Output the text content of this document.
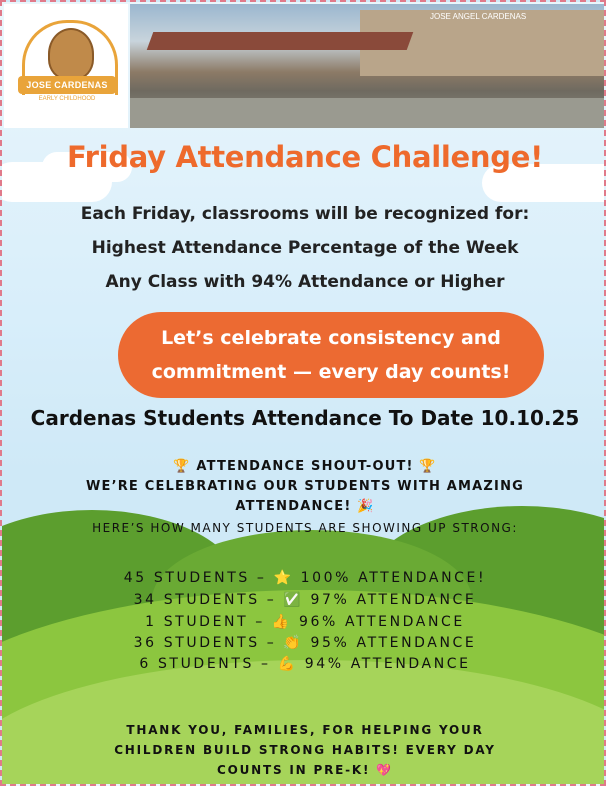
JOSE CARDENAS
EARLY CHILDHOOD
JOSE ANGEL CARDENAS
Friday Attendance Challenge!
Each Friday, classrooms will be recognized for:
Highest Attendance Percentage of the Week
Any Class with 94% Attendance or Higher
Let’s celebrate consistency and
commitment — every day counts!
Cardenas Students Attendance To Date 10.10.25
🏆 ATTENDANCE SHOUT-OUT! 🏆
WE’RE CELEBRATING OUR STUDENTS WITH AMAZING
ATTENDANCE! 🎉
HERE’S HOW MANY STUDENTS ARE SHOWING UP STRONG:
45 STUDENTS – ⭐ 100% ATTENDANCE!
34 STUDENTS – ✅ 97% ATTENDANCE
1 STUDENT – 👍 96% ATTENDANCE
36 STUDENTS – 👏 95% ATTENDANCE
6 STUDENTS – 💪 94% ATTENDANCE
THANK YOU, FAMILIES, FOR HELPING YOUR
CHILDREN BUILD STRONG HABITS! EVERY DAY
COUNTS IN PRE-K! 💖
